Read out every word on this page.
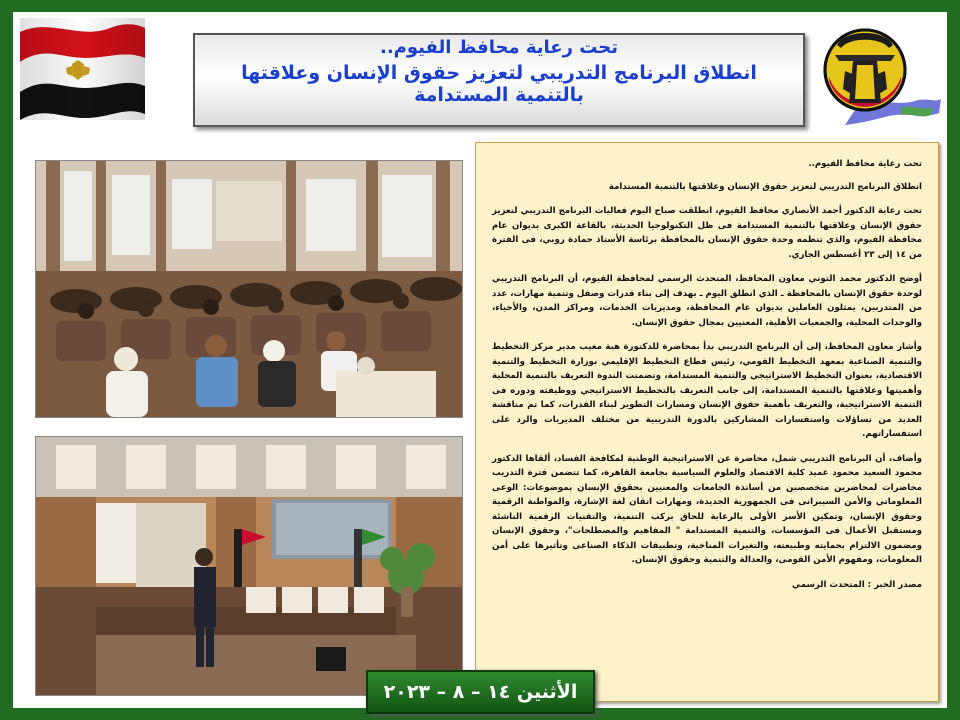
تحت رعاية محافظ الفيوم..
انطلاق البرنامج التدريبي لتعزيز حقوق الإنسان وعلاقتها بالتنمية المستدامة

تحت رعاية محافظ الفيوم..

انطلاق البرنامج التدريبي لتعزيز حقوق الإنسان وعلاقتها بالتنمية المستدامة

تحت رعاية الدكتور أحمد الأنصاري محافظ الفيوم، انطلقت صباح اليوم فعاليات البرنامج التدريبي لتعزيز حقوق الإنسان وعلاقتها بالتنمية المستدامة فى ظل التكنولوجيا الحديثة، بالقاعة الكبرى بديوان عام محافظة الفيوم، والذي تنظمه وحدة حقوق الإنسان بالمحافظة برئاسة الأستاذ حمادة روبي، فى الفترة من ١٤ إلى ٢٣ أغسطس الجاري.

أوضح الدكتور محمد التوني معاون المحافظ، المتحدث الرسمي لمحافظة الفيوم، أن البرنامج التدريبي لوحدة حقوق الإنسان بالمحافظة ـ الذي انطلق اليوم ـ يهدف إلى بناء قدرات وصقل وتنمية مهارات، عدد من المتدربين، يمثلون العاملين بديوان عام المحافظة، ومديريات الخدمات، ومراكز المدن، والأحياء، والوحدات المحلية، والجمعيات الأهلية، المعنيين بمجال حقوق الإنسان.

وأشار معاون المحافظ، إلى أن البرنامج التدريبي بدأ بمحاضرة للدكتورة هبة مغيب مدير مركز التخطيط والتنمية الصناعية بمعهد التخطيط القومي، رئيس قطاع التخطيط الإقليمي بوزارة التخطيط والتنمية الاقتصادية، بعنوان التخطيط الاستراتيجي والتنمية المستدامة، وتضمنت الندوة التعريف بالتنمية المحلية وأهميتها وعلاقتها بالتنمية المستدامة، إلى جانب التعريف بالتخطيط الاستراتيجي ووظيفته ودوره فى التنمية الاستراتيجية، والتعريف بأهمية حقوق الإنسان ومسارات التطوير لبناء القدرات، كما تم مناقشة العديد من تساؤلات واستفسارات المشاركين بالدورة التدريبية من مختلف المديريات والرد على استفساراتهم.

وأضاف، أن البرنامج التدريبي شمل، محاضرة عن الاستراتيجية الوطنية لمكافحة الفساد، ألقاها الدكتور محمود السعيد محمود عميد كلية الاقتصاد والعلوم السياسية بجامعة القاهرة، كما تتضمن فترة التدريب محاضرات لمحاضرين متخصصين من أساتذة الجامعات والمعنيين بحقوق الإنسان بموضوعات: الوعى المعلوماتي والأمن السيبرانى فى الجمهورية الجديدة، ومهارات اتقان لغة الإشارة، والمواطنة الرقمية وحقوق الإنسان، وتمكين الأسر الأولى بالرعاية للحاق بركب التنمية، والتقنيات الرقمية الناشئة ومستقبل الأعمال فى المؤسسات، والتنمية المستدامة " المفاهيم والمصطلحات"، وحقوق الإنسان ومضمون الالتزام بحمايته وطبيعته، والتغيرات المناخية، وتطبيقات الذكاء الصناعى وتأثيرها على أمن المعلومات، ومفهوم الأمن القومى، والعدالة والتنمية وحقوق الإنسان.

مصدر الخبر : المتحدث الرسمي

الأثنين ١٤ – ٨ – ٢٠٢٣
